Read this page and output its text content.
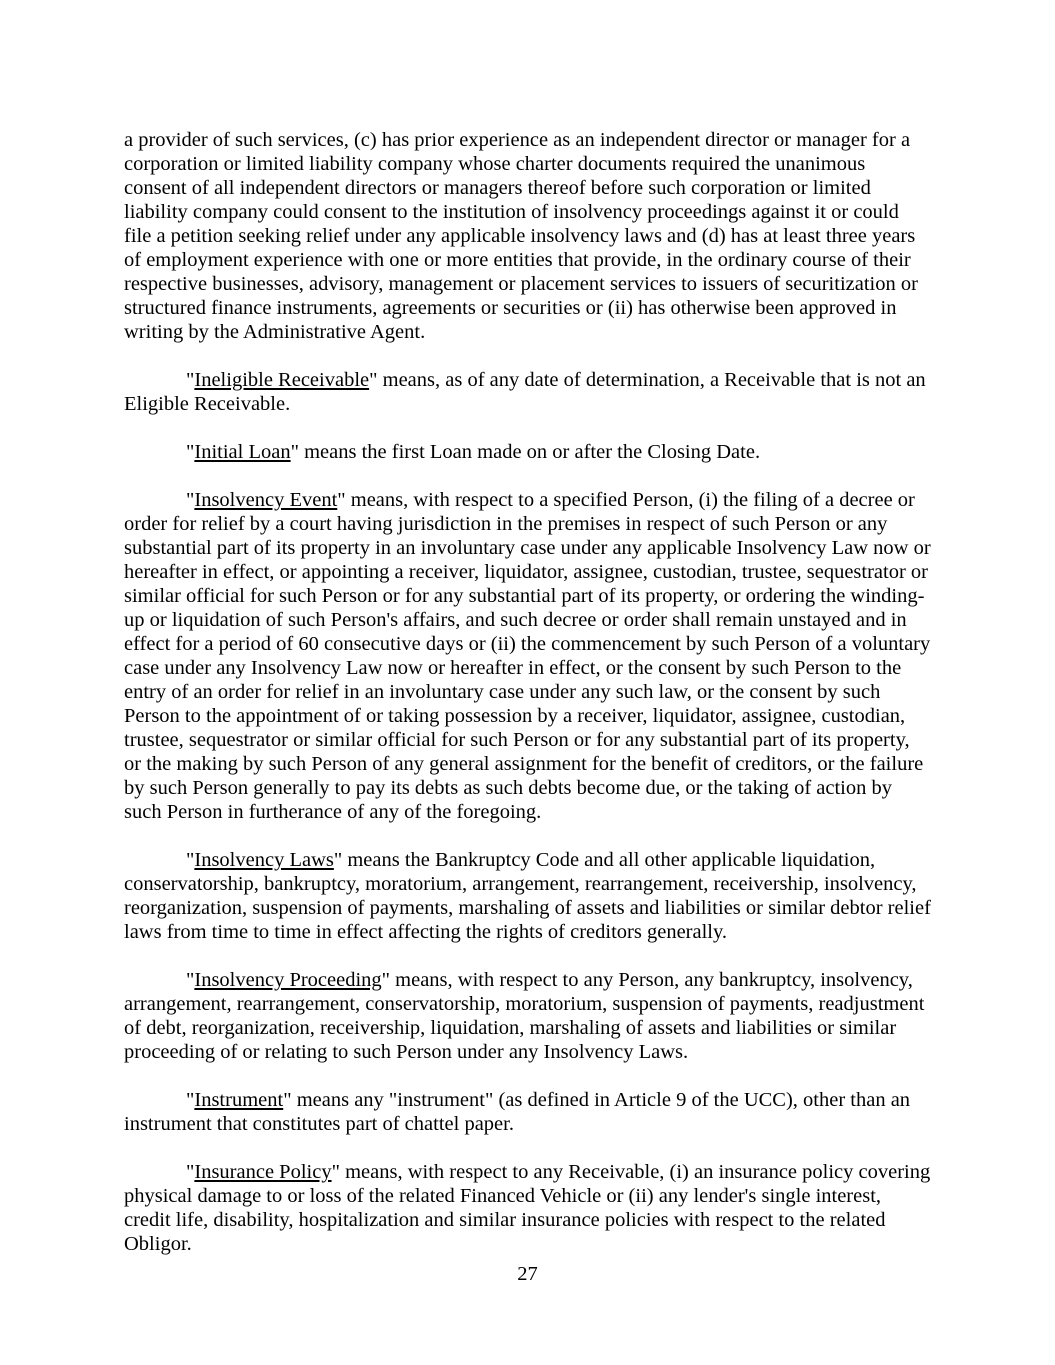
a provider of such services, (c) has prior experience as an independent director or manager for a corporation or limited liability company whose charter documents required the unanimous consent of all independent directors or managers thereof before such corporation or limited liability company could consent to the institution of insolvency proceedings against it or could file a petition seeking relief under any applicable insolvency laws and (d) has at least three years of employment experience with one or more entities that provide, in the ordinary course of their respective businesses, advisory, management or placement services to issuers of securitization or structured finance instruments, agreements or securities or (ii) has otherwise been approved in writing by the Administrative Agent.

"Ineligible Receivable" means, as of any date of determination, a Receivable that is not an Eligible Receivable.

"Initial Loan" means the first Loan made on or after the Closing Date.

"Insolvency Event" means, with respect to a specified Person, (i) the filing of a decree or order for relief by a court having jurisdiction in the premises in respect of such Person or any substantial part of its property in an involuntary case under any applicable Insolvency Law now or hereafter in effect, or appointing a receiver, liquidator, assignee, custodian, trustee, sequestrator or similar official for such Person or for any substantial part of its property, or ordering the winding-up or liquidation of such Person's affairs, and such decree or order shall remain unstayed and in effect for a period of 60 consecutive days or (ii) the commencement by such Person of a voluntary case under any Insolvency Law now or hereafter in effect, or the consent by such Person to the entry of an order for relief in an involuntary case under any such law, or the consent by such Person to the appointment of or taking possession by a receiver, liquidator, assignee, custodian, trustee, sequestrator or similar official for such Person or for any substantial part of its property, or the making by such Person of any general assignment for the benefit of creditors, or the failure by such Person generally to pay its debts as such debts become due, or the taking of action by such Person in furtherance of any of the foregoing.

"Insolvency Laws" means the Bankruptcy Code and all other applicable liquidation, conservatorship, bankruptcy, moratorium, arrangement, rearrangement, receivership, insolvency, reorganization, suspension of payments, marshaling of assets and liabilities or similar debtor relief laws from time to time in effect affecting the rights of creditors generally.

"Insolvency Proceeding" means, with respect to any Person, any bankruptcy, insolvency, arrangement, rearrangement, conservatorship, moratorium, suspension of payments, readjustment of debt, reorganization, receivership, liquidation, marshaling of assets and liabilities or similar proceeding of or relating to such Person under any Insolvency Laws.

"Instrument" means any "instrument" (as defined in Article 9 of the UCC), other than an instrument that constitutes part of chattel paper.

"Insurance Policy" means, with respect to any Receivable, (i) an insurance policy covering physical damage to or loss of the related Financed Vehicle or (ii) any lender's single interest, credit life, disability, hospitalization and similar insurance policies with respect to the related Obligor.

27
